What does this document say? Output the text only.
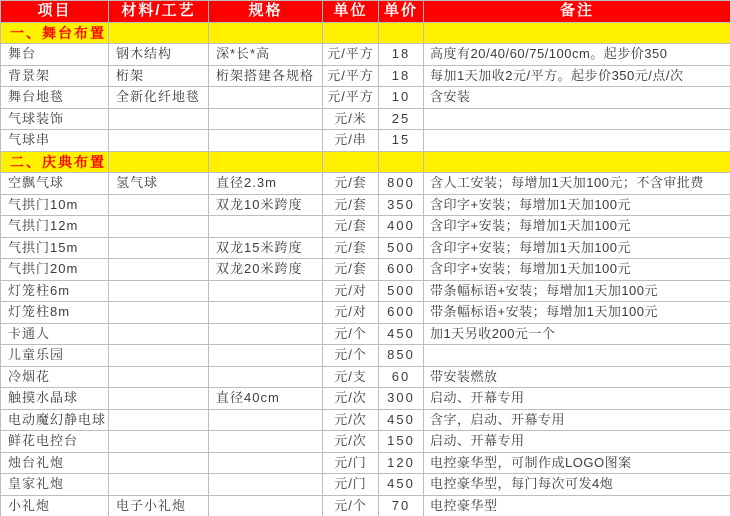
项目	材料/工艺	规格	单位	单价	备注
一、舞台布置					
舞台	钢木结构	深*长*高	元/平方	18	高度有20/40/60/75/100cm。起步价350
背景架	桁架	桁架搭建各规格	元/平方	18	每加1天加收2元/平方。起步价350元/点/次
舞台地毯	全新化纤地毯		元/平方	10	含安装
气球装饰			元/米	25	
气球串			元/串	15	
二、庆典布置					
空飘气球	氢气球	直径2.3m	元/套	800	含人工安装；每增加1天加100元；不含审批费
气拱门10m		双龙10米跨度	元/套	350	含印字+安装；每增加1天加100元
气拱门12m			元/套	400	含印字+安装；每增加1天加100元
气拱门15m		双龙15米跨度	元/套	500	含印字+安装；每增加1天加100元
气拱门20m		双龙20米跨度	元/套	600	含印字+安装；每增加1天加100元
灯笼柱6m			元/对	500	带条幅标语+安装；每增加1天加100元
灯笼柱8m			元/对	600	带条幅标语+安装；每增加1天加100元
卡通人			元/个	450	加1天另收200元一个
儿童乐园			元/个	850	
冷烟花			元/支	60	带安装燃放
触摸水晶球		直径40cm	元/次	300	启动、开幕专用
电动魔幻静电球			元/次	450	含字，启动、开幕专用
鲜花电控台			元/次	150	启动、开幕专用
烛台礼炮			元/门	120	电控豪华型，可制作成LOGO图案
皇家礼炮			元/门	450	电控豪华型，每门每次可发4炮
小礼炮	电子小礼炮		元/个	70	电控豪华型
